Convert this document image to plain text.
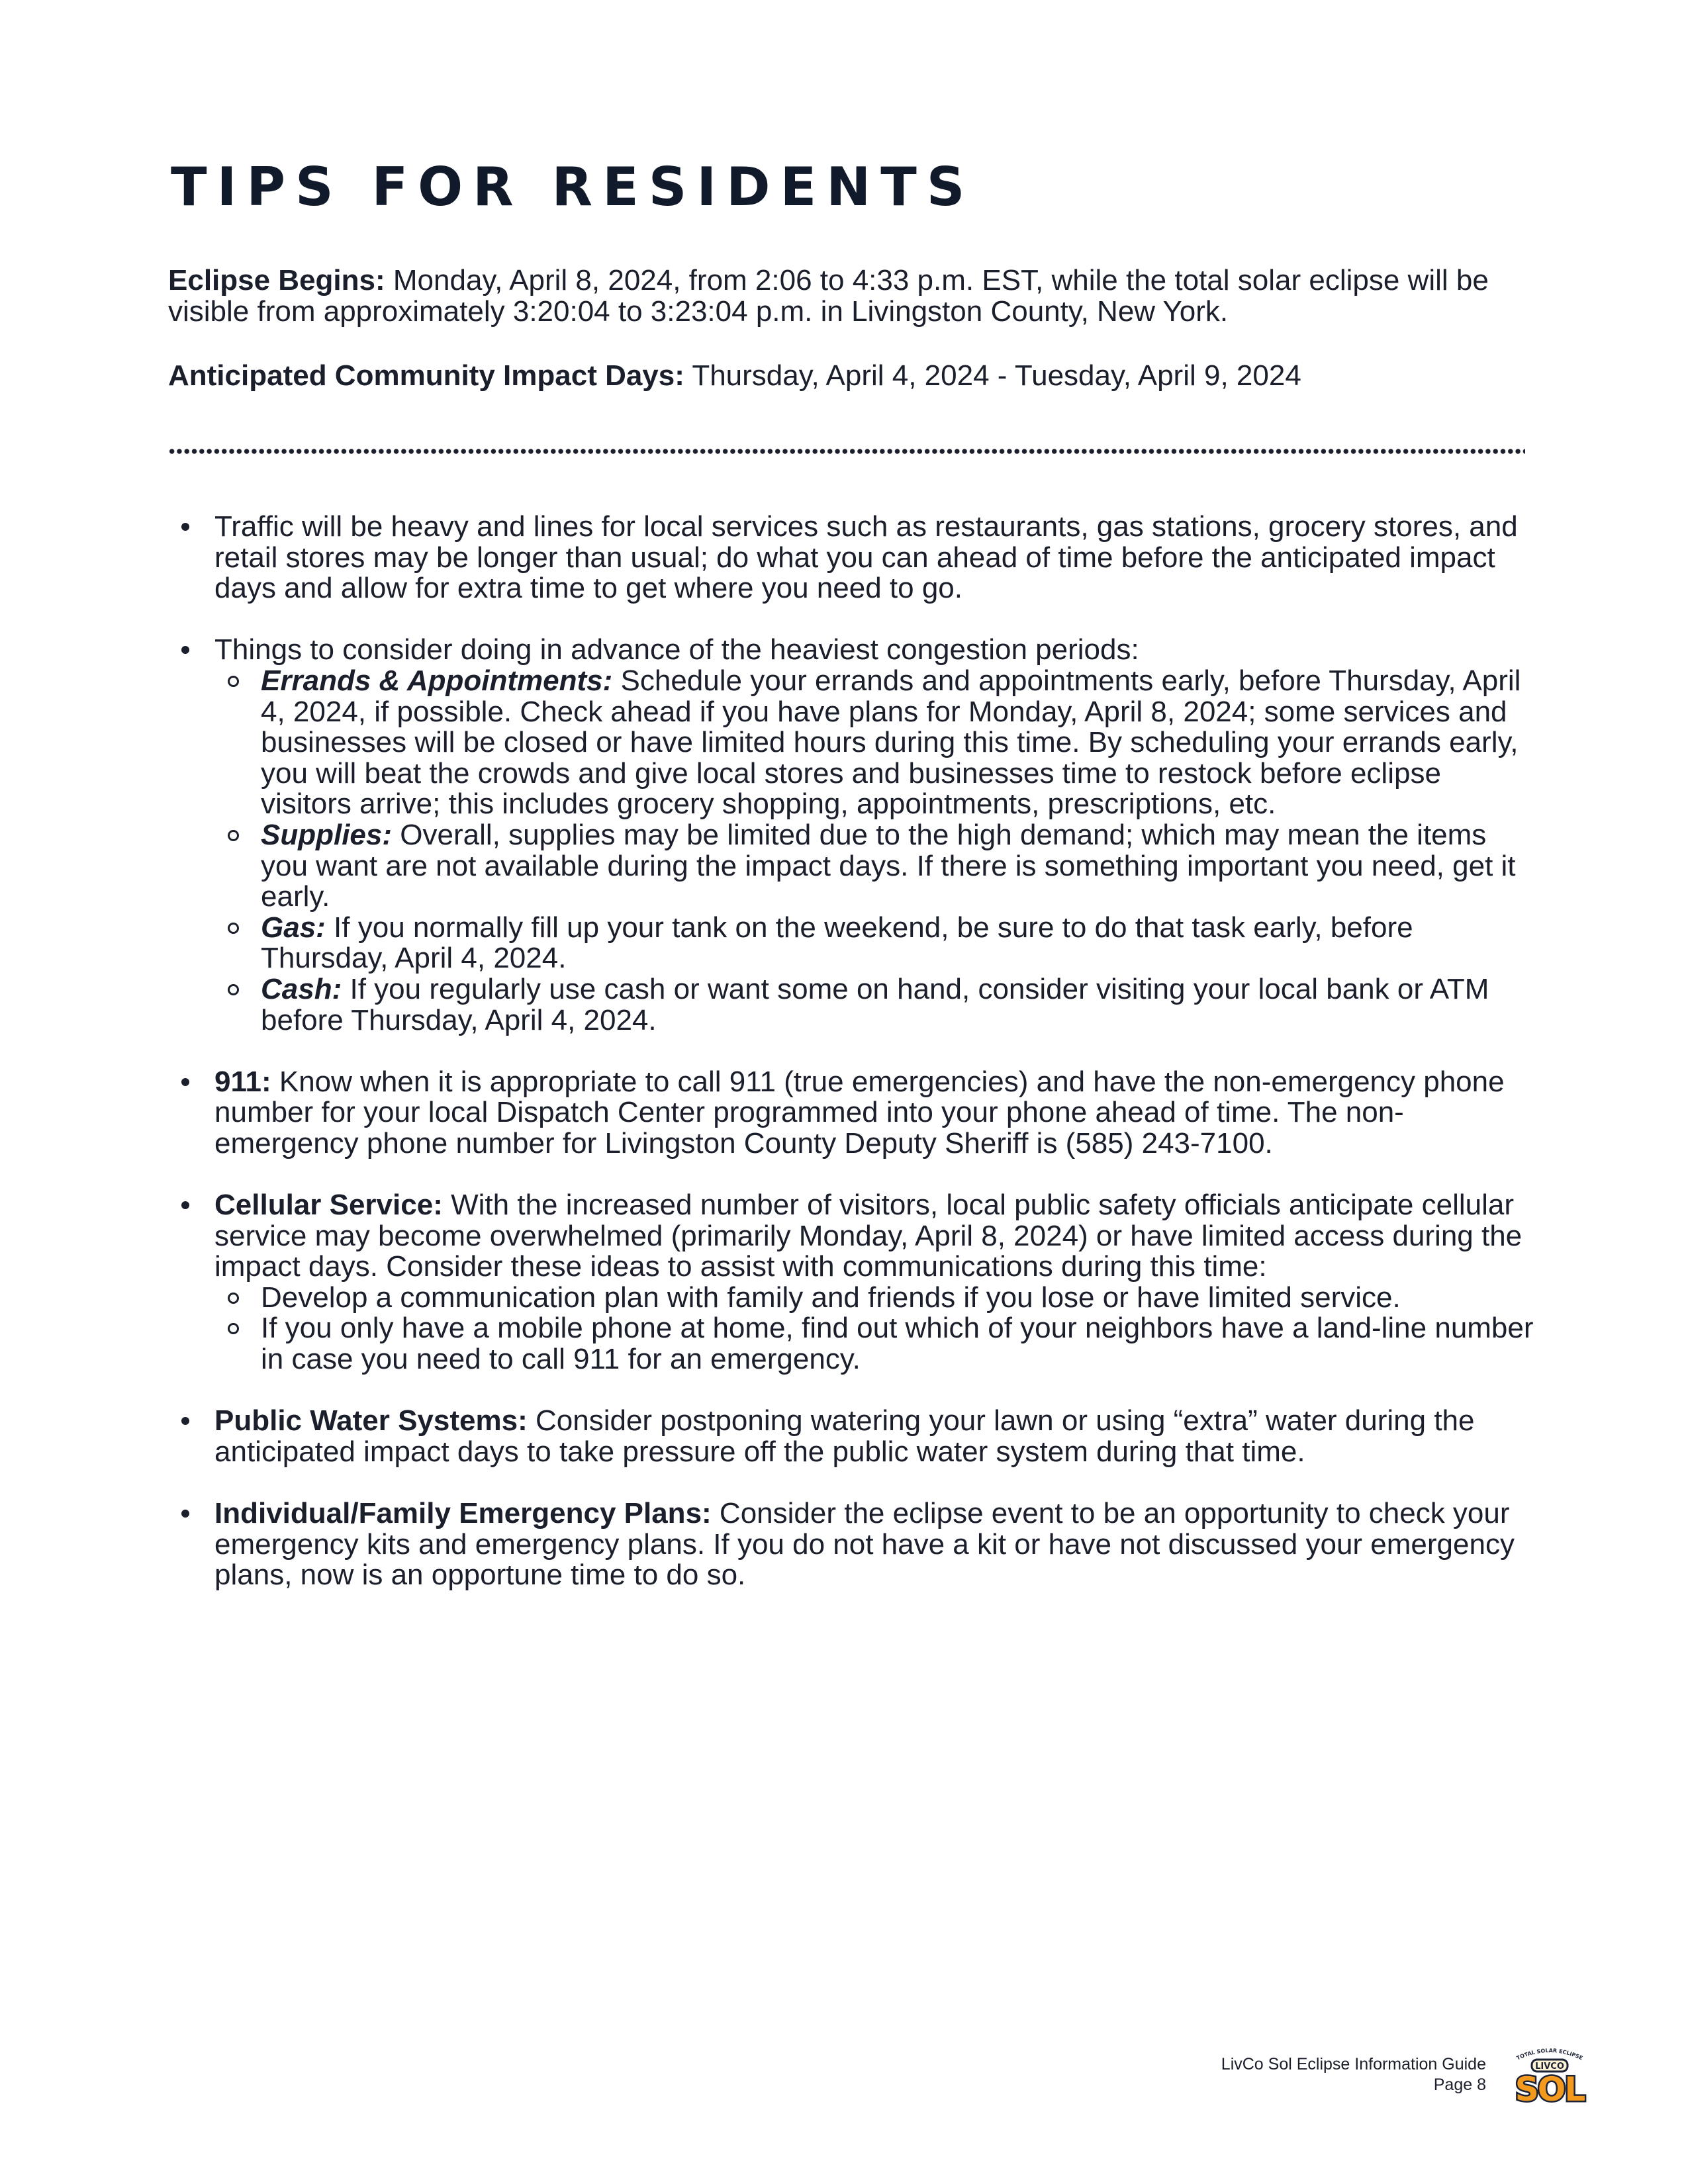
TIPS FOR RESIDENTS

Eclipse Begins: Monday, April 8, 2024, from 2:06 to 4:33 p.m. EST, while the total solar eclipse will be visible from approximately 3:20:04 to 3:23:04 p.m. in Livingston County, New York.

Anticipated Community Impact Days: Thursday, April 4, 2024 - Tuesday, April 9, 2024

Traffic will be heavy and lines for local services such as restaurants, gas stations, grocery stores, and retail stores may be longer than usual; do what you can ahead of time before the anticipated impact days and allow for extra time to get where you need to go.
Things to consider doing in advance of the heaviest congestion periods:
Errands & Appointments: Schedule your errands and appointments early, before Thursday, April 4, 2024, if possible. Check ahead if you have plans for Monday, April 8, 2024; some services and businesses will be closed or have limited hours during this time. By scheduling your errands early, you will beat the crowds and give local stores and businesses time to restock before eclipse visitors arrive; this includes grocery shopping, appointments, prescriptions, etc.
Supplies: Overall, supplies may be limited due to the high demand; which may mean the items you want are not available during the impact days. If there is something important you need, get it early.
Gas: If you normally fill up your tank on the weekend, be sure to do that task early, before Thursday, April 4, 2024.
Cash: If you regularly use cash or want some on hand, consider visiting your local bank or ATM before Thursday, April 4, 2024.
911: Know when it is appropriate to call 911 (true emergencies) and have the non-emergency phone number for your local Dispatch Center programmed into your phone ahead of time. The non-emergency phone number for Livingston County Deputy Sheriff is (585) 243-7100.
Cellular Service: With the increased number of visitors, local public safety officials anticipate cellular service may become overwhelmed (primarily Monday, April 8, 2024) or have limited access during the impact days. Consider these ideas to assist with communications during this time:
Develop a communication plan with family and friends if you lose or have limited service.
If you only have a mobile phone at home, find out which of your neighbors have a land-line number in case you need to call 911 for an emergency.
Public Water Systems: Consider postponing watering your lawn or using “extra” water during the anticipated impact days to take pressure off the public water system during that time.
Individual/Family Emergency Plans: Consider the eclipse event to be an opportunity to check your emergency kits and emergency plans. If you do not have a kit or have not discussed your emergency plans, now is an opportune time to do so.
LivCo Sol Eclipse Information Guide
Page 8
TOTAL SOLAR ECLIPSE
LIVCO
SOL
